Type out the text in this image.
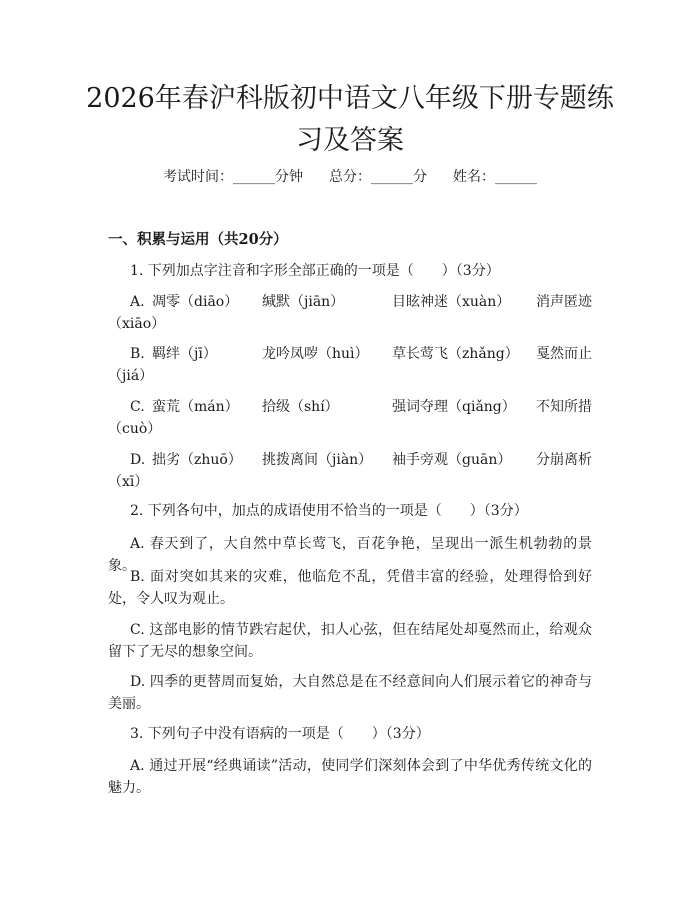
2026年春沪科版初中语文八年级下册专题练习及答案
考试时间：______分钟 总分：______分 姓名：______
一、积累与运用（共20分）

1. 下列加点字注音和字形全部正确的一项是（　　）（3分）

A. 凋零（diāo） 缄默（jiān）	目眩神迷（xuàn） 消声匿迹
（xiāo）
B. 羁绊（jī）	龙吟凤哕（huì） 草长莺飞（zhǎng） 戛然而止
（jiá）
C. 蛮荒（mán） 拾级（shí）	强词夺理（qiǎng） 不知所措
（cuò）
D. 拙劣（zhuō） 挑拨离间（jiàn） 袖手旁观（guān） 分崩离析
（xī）

2. 下列各句中，加点的成语使用不恰当的一项是（　　）（3分）

A. 春天到了，大自然中草长莺飞，百花争艳，呈现出一派生机勃勃的景象。

B. 面对突如其来的灾难，他临危不乱，凭借丰富的经验，处理得恰到好处，令人叹为观止。

C. 这部电影的情节跌宕起伏，扣人心弦，但在结尾处却戛然而止，给观众留下了无尽的想象空间。

D. 四季的更替周而复始，大自然总是在不经意间向人们展示着它的神奇与美丽。

3. 下列句子中没有语病的一项是（　　）（3分）

A. 通过开展“经典诵读”活动，使同学们深刻体会到了中华优秀传统文化的魅力。
